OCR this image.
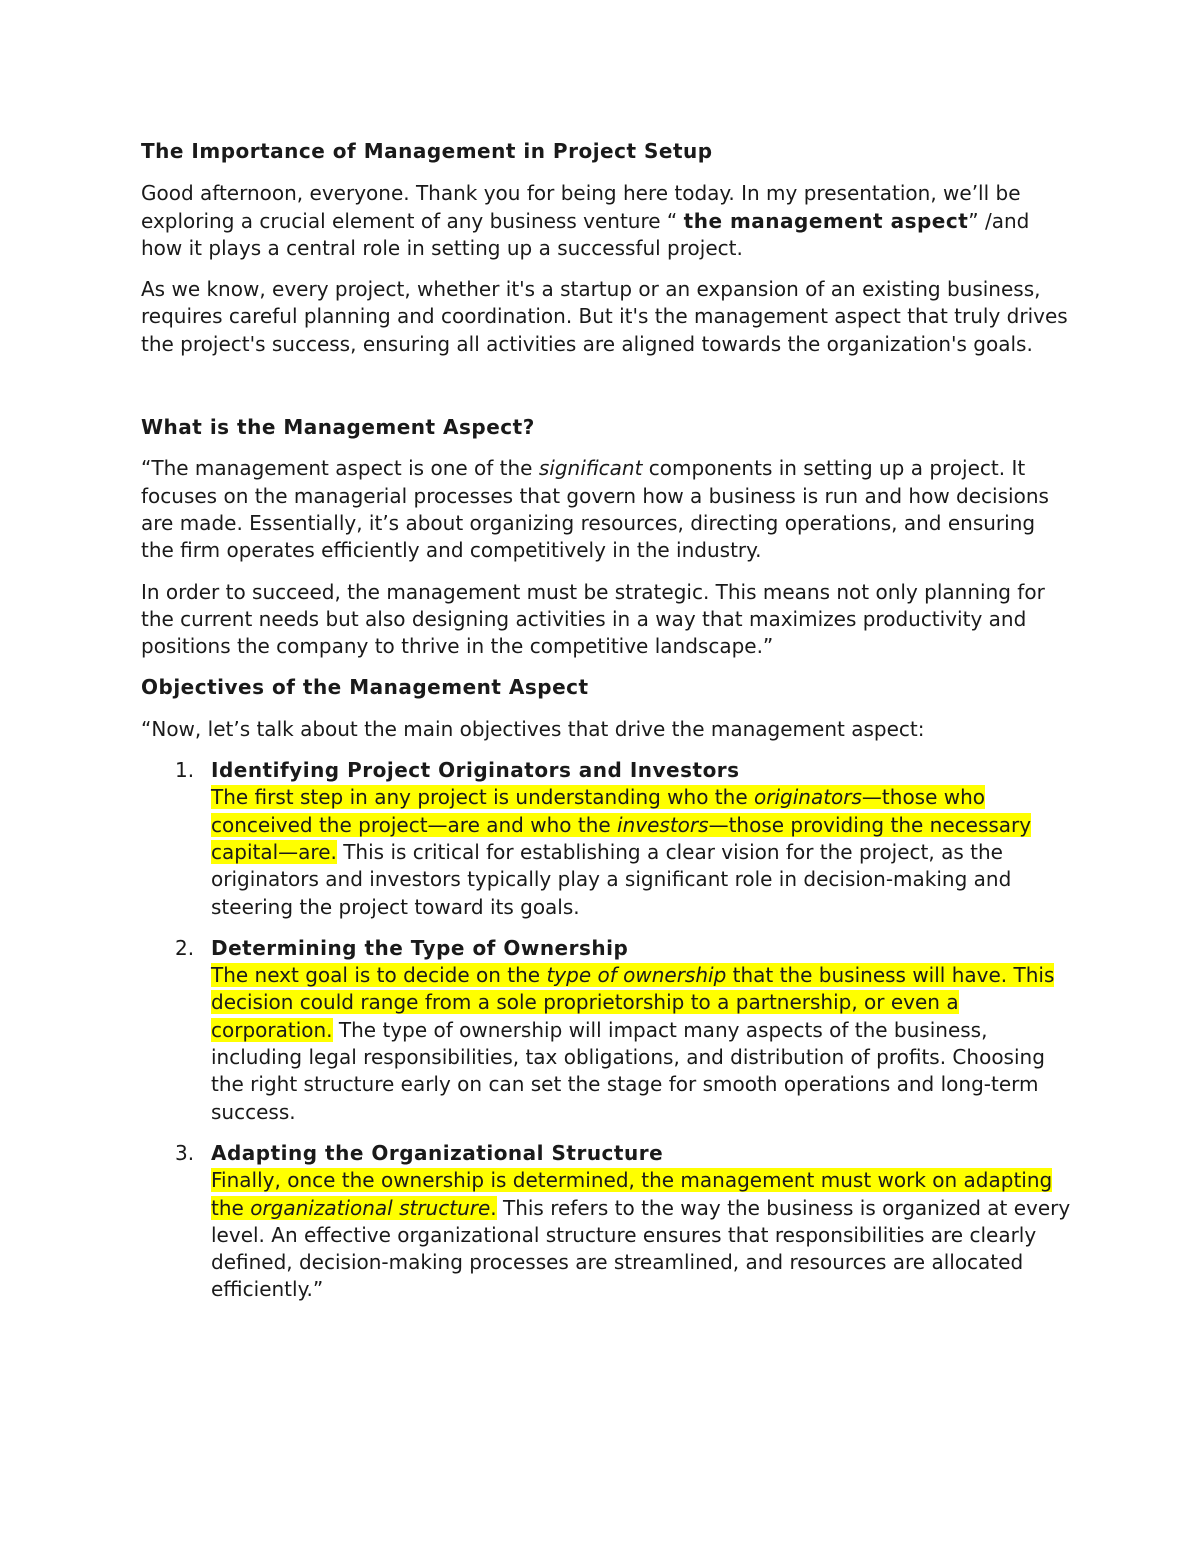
The Importance of Management in Project Setup

Good afternoon, everyone. Thank you for being here today. In my presentation, we’ll be exploring a crucial element of any business venture “ the management aspect” /and how it plays a central role in setting up a successful project.

As we know, every project, whether it's a startup or an expansion of an existing business, requires careful planning and coordination. But it's the management aspect that truly drives the project's success, ensuring all activities are aligned towards the organization's goals.

What is the Management Aspect?

“The management aspect is one of the significant components in setting up a project. It focuses on the managerial processes that govern how a business is run and how decisions are made. Essentially, it’s about organizing resources, directing operations, and ensuring the firm operates efficiently and competitively in the industry.

In order to succeed, the management must be strategic. This means not only planning for the current needs but also designing activities in a way that maximizes productivity and positions the company to thrive in the competitive landscape.”

Objectives of the Management Aspect

“Now, let’s talk about the main objectives that drive the management aspect:

1. Identifying Project Originators and Investors
The first step in any project is understanding who the originators—those who conceived the project—are and who the investors—those providing the necessary capital—are. This is critical for establishing a clear vision for the project, as the originators and investors typically play a significant role in decision-making and steering the project toward its goals.
2. Determining the Type of Ownership
The next goal is to decide on the type of ownership that the business will have. This decision could range from a sole proprietorship to a partnership, or even a corporation. The type of ownership will impact many aspects of the business, including legal responsibilities, tax obligations, and distribution of profits. Choosing the right structure early on can set the stage for smooth operations and long-term success.
3. Adapting the Organizational Structure
Finally, once the ownership is determined, the management must work on adapting the organizational structure. This refers to the way the business is organized at every level. An effective organizational structure ensures that responsibilities are clearly defined, decision-making processes are streamlined, and resources are allocated efficiently.”
